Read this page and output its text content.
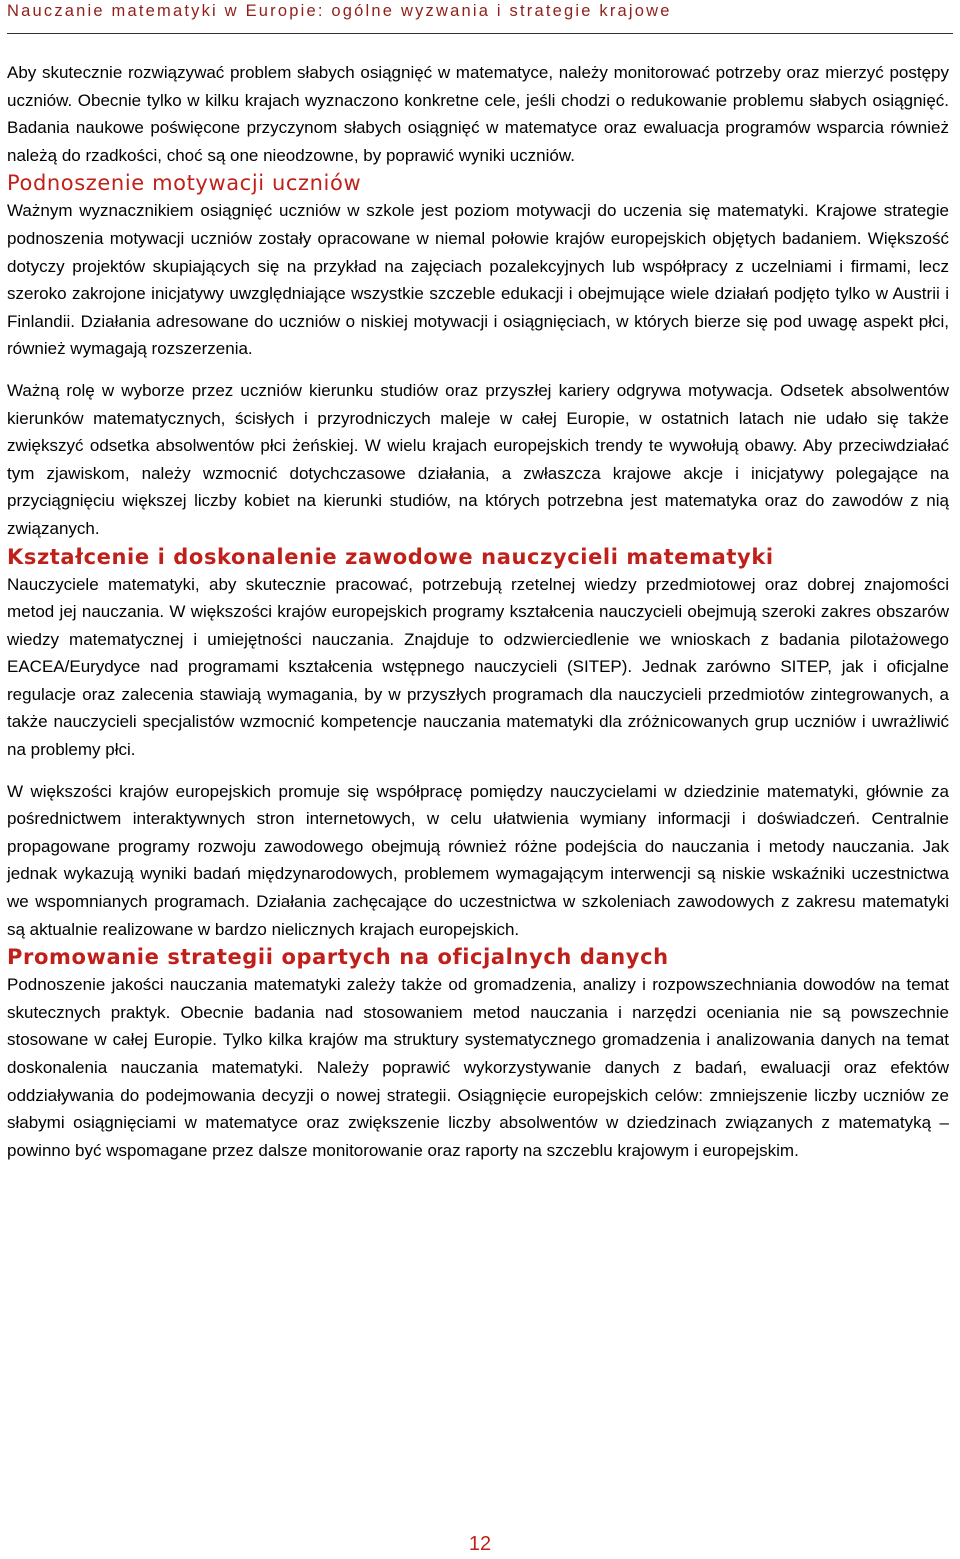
Nauczanie matematyki w Europie: ogólne wyzwania i strategie krajowe

Aby skutecznie rozwiązywać problem słabych osiągnięć w matematyce, należy monitorować potrzeby oraz mierzyć postępy uczniów. Obecnie tylko w kilku krajach wyznaczono konkretne cele, jeśli chodzi o redukowanie problemu słabych osiągnięć. Badania naukowe poświęcone przyczynom słabych osiągnięć w matematyce oraz ewaluacja programów wsparcia również należą do rzadkości, choć są one nieodzowne, by poprawić wyniki uczniów.

Podnoszenie motywacji uczniów

Ważnym wyznacznikiem osiągnięć uczniów w szkole jest poziom motywacji do uczenia się matematyki. Krajowe strategie podnoszenia motywacji uczniów zostały opracowane w niemal połowie krajów europejskich objętych badaniem. Większość dotyczy projektów skupiających się na przykład na zajęciach pozalekcyjnych lub współpracy z uczelniami i firmami, lecz szeroko zakrojone inicjatywy uwzględniające wszystkie szczeble edukacji i obejmujące wiele działań podjęto tylko w Austrii i Finlandii. Działania adresowane do uczniów o niskiej motywacji i osiągnięciach, w których bierze się pod uwagę aspekt płci, również wymagają rozszerzenia.

Ważną rolę w wyborze przez uczniów kierunku studiów oraz przyszłej kariery odgrywa motywacja. Odsetek absolwentów kierunków matematycznych, ścisłych i przyrodniczych maleje w całej Europie, w ostatnich latach nie udało się także zwiększyć odsetka absolwentów płci żeńskiej. W wielu krajach europejskich trendy te wywołują obawy. Aby przeciwdziałać tym zjawiskom, należy wzmocnić dotychczasowe działania, a zwłaszcza krajowe akcje i inicjatywy polegające na przyciągnięciu większej liczby kobiet na kierunki studiów, na których potrzebna jest matematyka oraz do zawodów z nią związanych.

Kształcenie i doskonalenie zawodowe nauczycieli matematyki

Nauczyciele matematyki, aby skutecznie pracować, potrzebują rzetelnej wiedzy przedmiotowej oraz dobrej znajomości metod jej nauczania. W większości krajów europejskich programy kształcenia nauczycieli obejmują szeroki zakres obszarów wiedzy matematycznej i umiejętności nauczania. Znajduje to odzwierciedlenie we wnioskach z badania pilotażowego EACEA/Eurydyce nad programami kształcenia wstępnego nauczycieli (SITEP). Jednak zarówno SITEP, jak i oficjalne regulacje oraz zalecenia stawiają wymagania, by w przyszłych programach dla nauczycieli przedmiotów zintegrowanych, a także nauczycieli specjalistów wzmocnić kompetencje nauczania matematyki dla zróżnicowanych grup uczniów i uwrażliwić na problemy płci.

W większości krajów europejskich promuje się współpracę pomiędzy nauczycielami w dziedzinie matematyki, głównie za pośrednictwem interaktywnych stron internetowych, w celu ułatwienia wymiany informacji i doświadczeń. Centralnie propagowane programy rozwoju zawodowego obejmują również różne podejścia do nauczania i metody nauczania. Jak jednak wykazują wyniki badań międzynarodowych, problemem wymagającym interwencji są niskie wskaźniki uczestnictwa we wspomnianych programach. Działania zachęcające do uczestnictwa w szkoleniach zawodowych z zakresu matematyki są aktualnie realizowane w bardzo nielicznych krajach europejskich.

Promowanie strategii opartych na oficjalnych danych

Podnoszenie jakości nauczania matematyki zależy także od gromadzenia, analizy i rozpowszechniania dowodów na temat skutecznych praktyk. Obecnie badania nad stosowaniem metod nauczania i narzędzi oceniania nie są powszechnie stosowane w całej Europie. Tylko kilka krajów ma struktury systematycznego gromadzenia i analizowania danych na temat doskonalenia nauczania matematyki. Należy poprawić wykorzystywanie danych z badań, ewaluacji oraz efektów oddziaływania do podejmowania decyzji o nowej strategii. Osiągnięcie europejskich celów: zmniejszenie liczby uczniów ze słabymi osiągnięciami w matematyce oraz zwiększenie liczby absolwentów w dziedzinach związanych z matematyką – powinno być wspomagane przez dalsze monitorowanie oraz raporty na szczeblu krajowym i europejskim.

12
